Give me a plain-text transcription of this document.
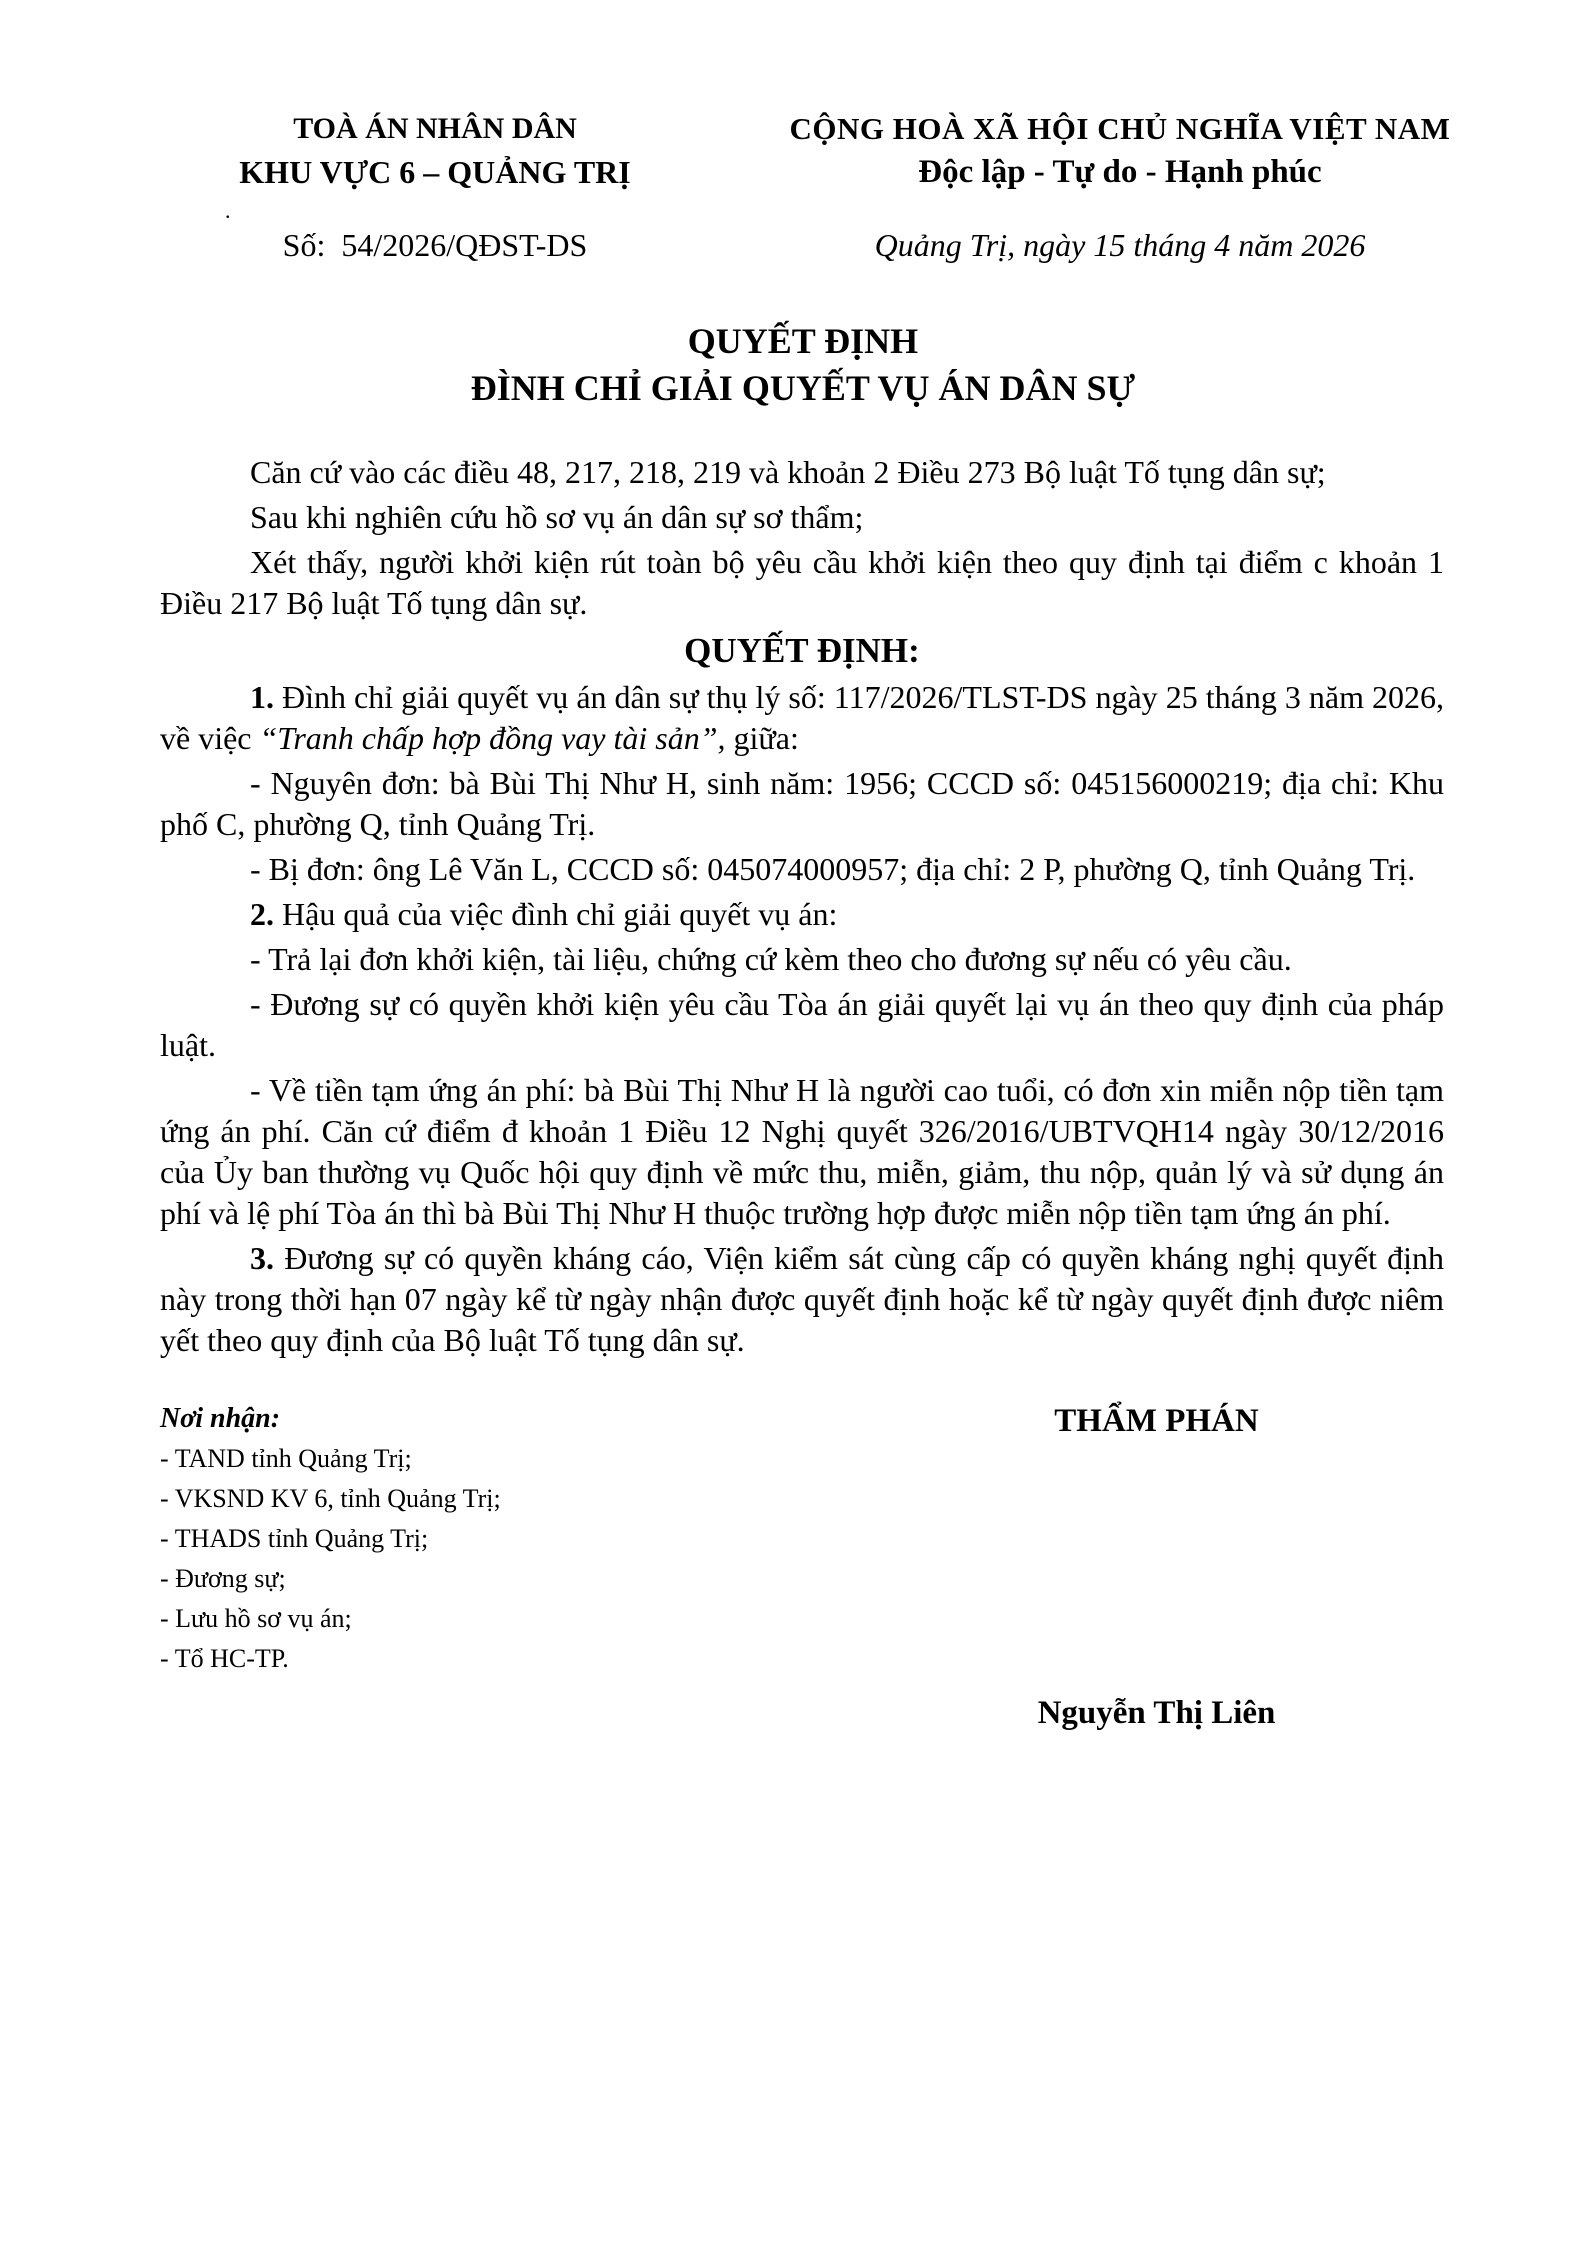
.
TOÀ ÁN NHÂN DÂN
KHU VỰC 6 – QUẢNG TRỊ
Số:  54/2026/QĐST-DS
CỘNG HOÀ XÃ HỘI CHỦ NGHĨA VIỆT NAM
Độc lập - Tự do - Hạnh phúc
Quảng Trị, ngày 15 tháng 4 năm 2026
QUYẾT ĐỊNH
ĐÌNH CHỈ GIẢI QUYẾT VỤ ÁN DÂN SỰ

Căn cứ vào các điều 48, 217, 218, 219 và khoản 2 Điều 273 Bộ luật Tố tụng dân sự;

Sau khi nghiên cứu hồ sơ vụ án dân sự sơ thẩm;

Xét thấy, người khởi kiện rút toàn bộ yêu cầu khởi kiện theo quy định tại điểm c khoản 1 Điều 217 Bộ luật Tố tụng dân sự.

QUYẾT ĐỊNH:

1. Đình chỉ giải quyết vụ án dân sự thụ lý số: 117/2026/TLST-DS ngày 25 tháng 3 năm 2026, về việc “Tranh chấp hợp đồng vay tài sản”, giữa:

- Nguyên đơn: bà Bùi Thị Như H, sinh năm: 1956; CCCD số: 045156000219; địa chỉ: Khu phố C, phường Q, tỉnh Quảng Trị.

- Bị đơn: ông Lê Văn L, CCCD số: 045074000957; địa chỉ: 2 P, phường Q, tỉnh Quảng Trị.

2. Hậu quả của việc đình chỉ giải quyết vụ án:

- Trả lại đơn khởi kiện, tài liệu, chứng cứ kèm theo cho đương sự nếu có yêu cầu.

- Đương sự có quyền khởi kiện yêu cầu Tòa án giải quyết lại vụ án theo quy định của pháp luật.

- Về tiền tạm ứng án phí: bà Bùi Thị Như H là người cao tuổi, có đơn xin miễn nộp tiền tạm ứng án phí. Căn cứ điểm đ khoản 1 Điều 12 Nghị quyết 326/2016/UBTVQH14 ngày 30/12/2016 của Ủy ban thường vụ Quốc hội quy định về mức thu, miễn, giảm, thu nộp, quản lý và sử dụng án phí và lệ phí Tòa án thì bà Bùi Thị Như H thuộc trường hợp được miễn nộp tiền tạm ứng án phí.

3. Đương sự có quyền kháng cáo, Viện kiểm sát cùng cấp có quyền kháng nghị quyết định này trong thời hạn 07 ngày kể từ ngày nhận được quyết định hoặc kể từ ngày quyết định được niêm yết theo quy định của Bộ luật Tố tụng dân sự.

Nơi nhận:
- TAND tỉnh Quảng Trị;
- VKSND KV 6, tỉnh Quảng Trị;
- THADS tỉnh Quảng Trị;
- Đương sự;
- Lưu hồ sơ vụ án;
- Tổ HC-TP.
THẨM PHÁN
Nguyễn Thị Liên
